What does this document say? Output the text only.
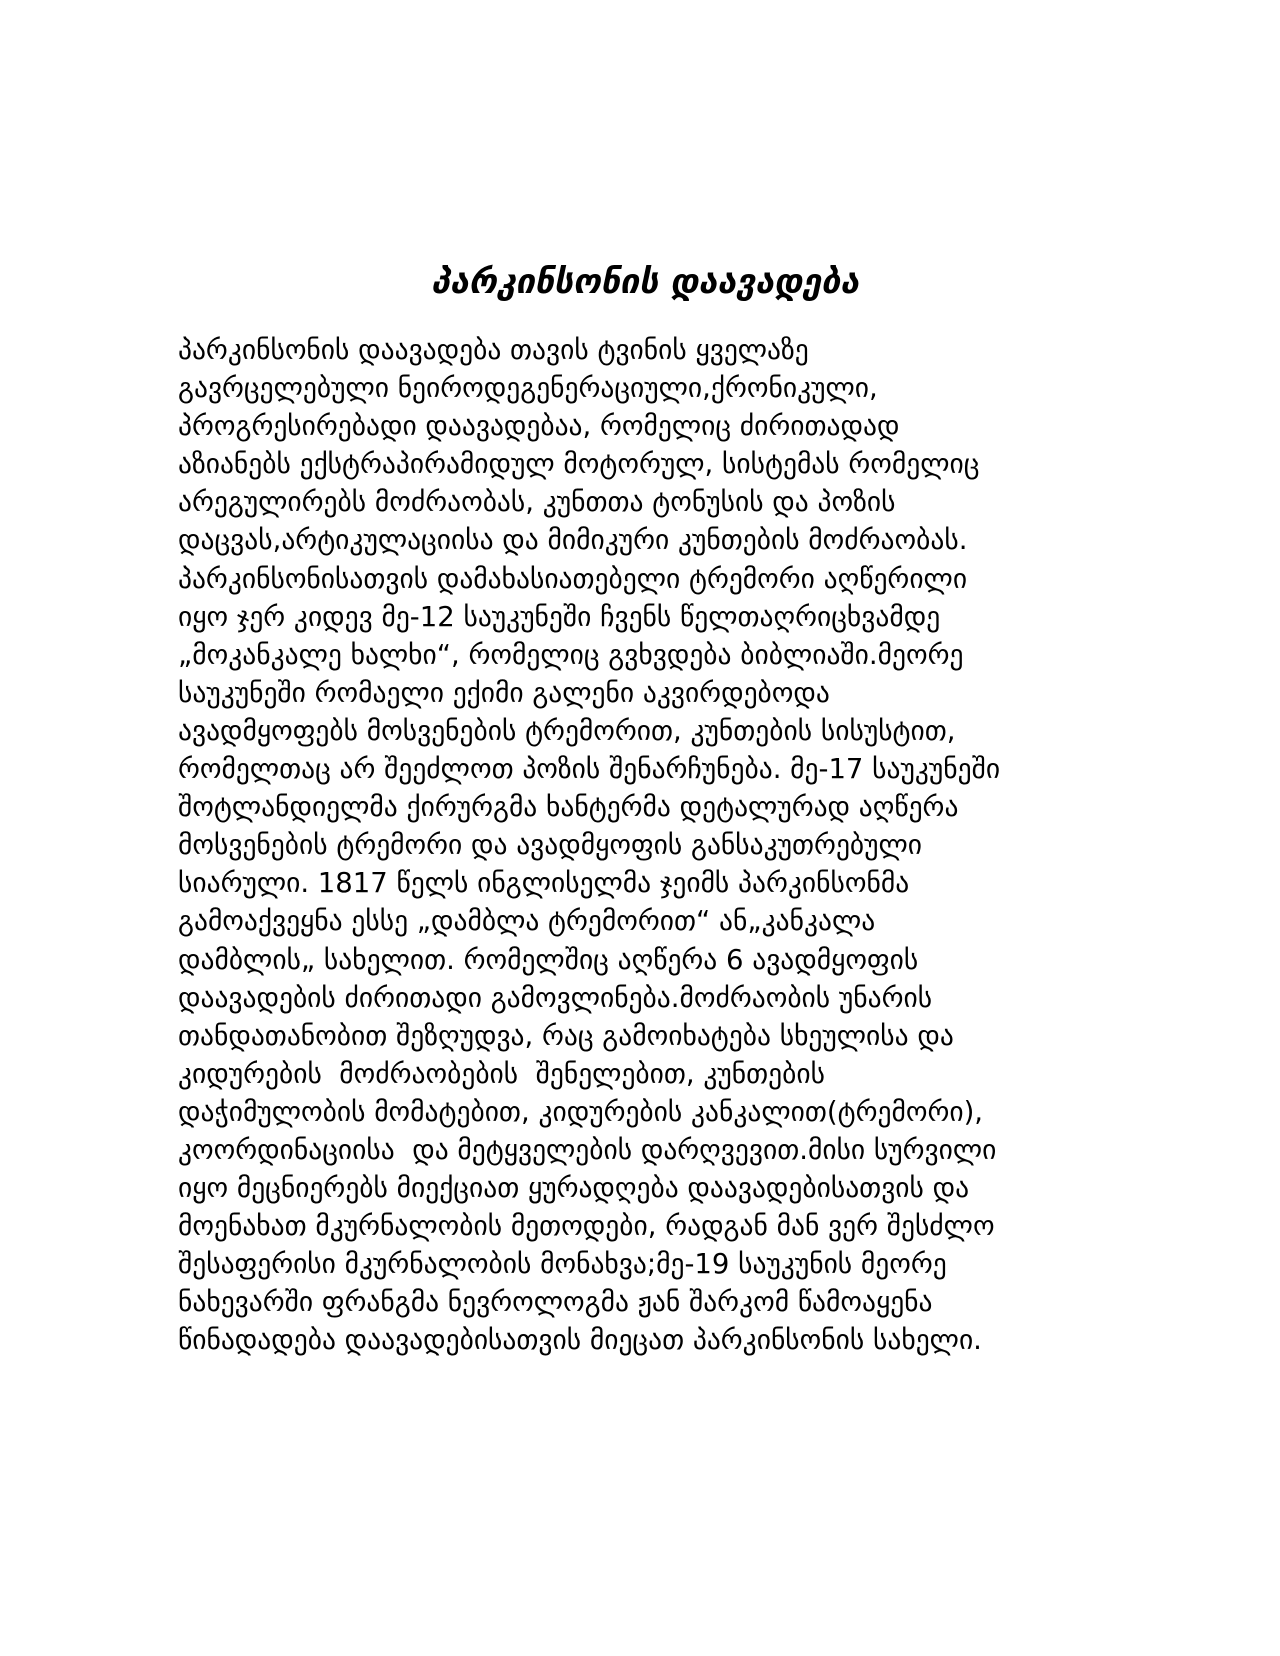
პარკინსონის დაავადება
პარკინსონის დაავადება თავის ტვინის ყველაზე
გავრცელებული ნეიროდეგენერაციული,ქრონიკული,
პროგრესირებადი დაავადებაა, რომელიც ძირითადად
აზიანებს ექსტრაპირამიდულ მოტორულ, სისტემას რომელიც
არეგულირებს მოძრაობას, კუნთთა ტონუსის და პოზის
დაცვას,არტიკულაციისა და მიმიკური კუნთების მოძრაობას.
პარკინსონისათვის დამახასიათებელი ტრემორი აღწერილი
იყო ჯერ კიდევ მე-12 საუკუნეში ჩვენს წელთაღრიცხვამდე
„მოკანკალე ხალხი“, რომელიც გვხვდება ბიბლიაში.მეორე
საუკუნეში რომაელი ექიმი გალენი აკვირდებოდა
ავადმყოფებს მოსვენების ტრემორით, კუნთების სისუსტით,
რომელთაც არ შეეძლოთ პოზის შენარჩუნება. მე-17 საუკუნეში
შოტლანდიელმა ქირურგმა ხანტერმა დეტალურად აღწერა
მოსვენების ტრემორი და ავადმყოფის განსაკუთრებული
სიარული. 1817 წელს ინგლისელმა ჯეიმს პარკინსონმა
გამოაქვეყნა ესსე „დამბლა ტრემორით“ ან„კანკალა
დამბლის„ სახელით. რომელშიც აღწერა 6 ავადმყოფის
დაავადების ძირითადი გამოვლინება.მოძრაობის უნარის
თანდათანობით შეზღუდვა, რაც გამოიხატება სხეულისა და
კიდურების  მოძრაობების  შენელებით, კუნთების
დაჭიმულობის მომატებით, კიდურების კანკალით(ტრემორი),
კოორდინაციისა  და მეტყველების დარღვევით.მისი სურვილი
იყო მეცნიერებს მიექციათ ყურადღება დაავადებისათვის და
მოენახათ მკურნალობის მეთოდები, რადგან მან ვერ შესძლო
შესაფერისი მკურნალობის მონახვა;მე-19 საუკუნის მეორე
ნახევარში ფრანგმა ნევროლოგმა ჟან შარკომ წამოაყენა
წინადადება დაავადებისათვის მიეცათ პარკინსონის სახელი.
